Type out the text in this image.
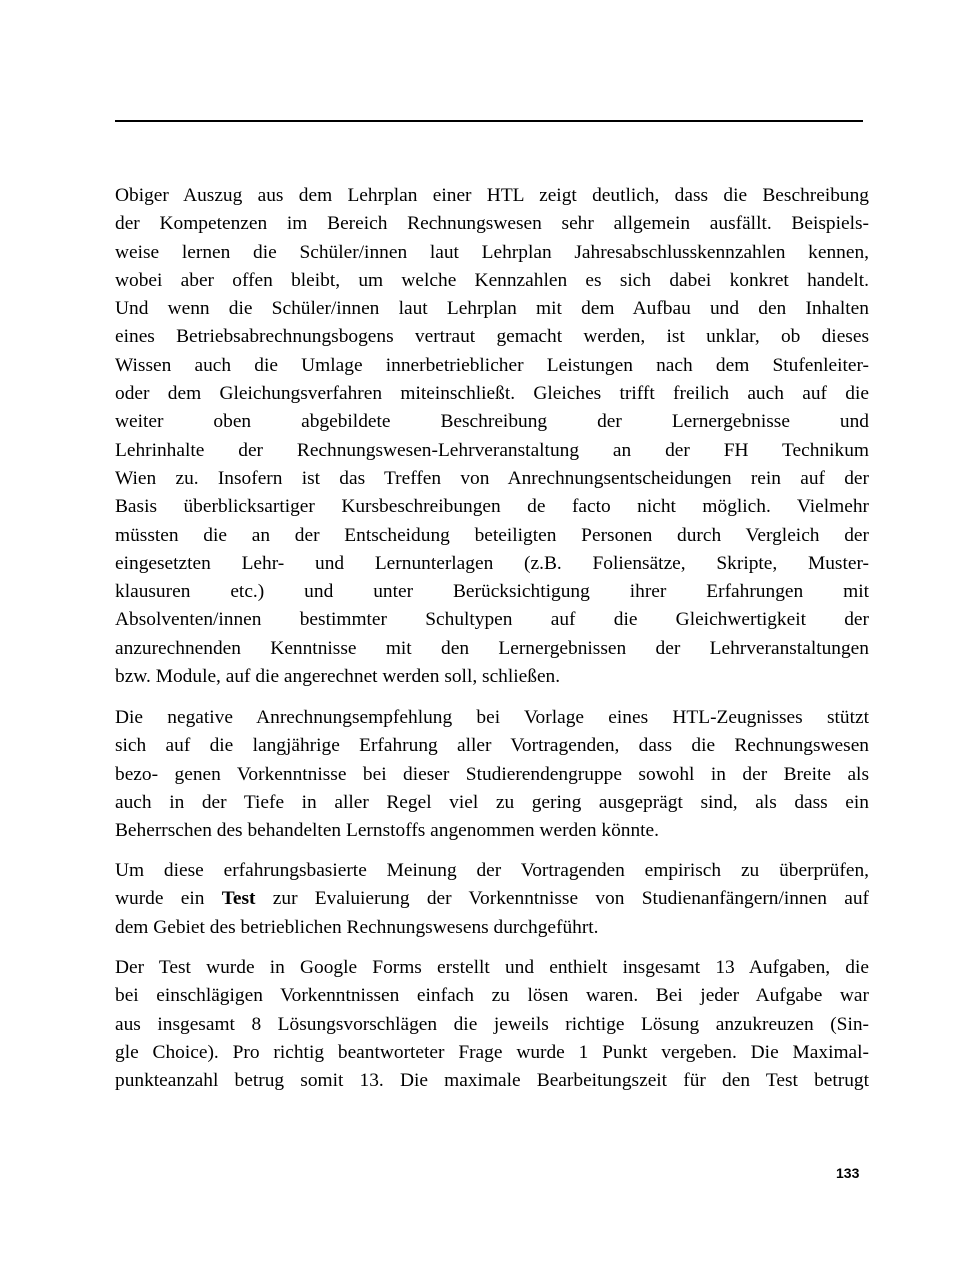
Obiger Auszug aus dem Lehrplan einer HTL zeigt deutlich, dass die Beschreibung
der Kompetenzen im Bereich Rechnungswesen sehr allgemein ausfällt. Beispiels-
weise lernen die Schüler/innen laut Lehrplan Jahresabschlusskennzahlen kennen,
wobei aber offen bleibt, um welche Kennzahlen es sich dabei konkret handelt.
Und wenn die Schüler/innen laut Lehrplan mit dem Aufbau und den Inhalten
eines Betriebsabrechnungsbogens vertraut gemacht werden, ist unklar, ob dieses
Wissen auch die Umlage innerbetrieblicher Leistungen nach dem Stufenleiter-
oder dem Gleichungsverfahren miteinschließt. Gleiches trifft freilich auch auf die
weiter oben abgebildete Beschreibung der Lernergebnisse und
Lehrinhalte der Rechnungswesen-Lehrveranstaltung an der FH Technikum
Wien zu. Insofern ist das Treffen von Anrechnungsentscheidungen rein auf der
Basis überblicksartiger Kursbeschreibungen de facto nicht möglich. Vielmehr
müssten die an der Entscheidung beteiligten Personen durch Vergleich der
eingesetzten Lehr- und Lernunterlagen (z.B. Foliensätze, Skripte, Muster-
klausuren etc.) und unter Berücksichtigung ihrer Erfahrungen mit
Absolventen/innen bestimmter Schultypen auf die Gleichwertigkeit der
anzurechnenden Kenntnisse mit den Lernergebnissen der Lehrveranstaltungen
bzw. Module, auf die angerechnet werden soll, schließen.
Die negative Anrechnungsempfehlung bei Vorlage eines HTL-Zeugnisses stützt
sich auf die langjährige Erfahrung aller Vortragenden, dass die Rechnungswesen
bezo- genen Vorkenntnisse bei dieser Studierendengruppe sowohl in der Breite als
auch in der Tiefe in aller Regel viel zu gering ausgeprägt sind, als dass ein
Beherrschen des behandelten Lernstoffs angenommen werden könnte.
Um diese erfahrungsbasierte Meinung der Vortragenden empirisch zu überprüfen,
wurde ein Test zur Evaluierung der Vorkenntnisse von Studienanfängern/innen auf
dem Gebiet des betrieblichen Rechnungswesens durchgeführt.
Der Test wurde in Google Forms erstellt und enthielt insgesamt 13 Aufgaben, die
bei einschlägigen Vorkenntnissen einfach zu lösen waren. Bei jeder Aufgabe war
aus insgesamt 8 Lösungsvorschlägen die jeweils richtige Lösung anzukreuzen (Sin-
gle Choice). Pro richtig beantworteter Frage wurde 1 Punkt vergeben. Die Maximal-
punkteanzahl betrug somit 13. Die maximale Bearbeitungszeit für den Test betrugt
133
